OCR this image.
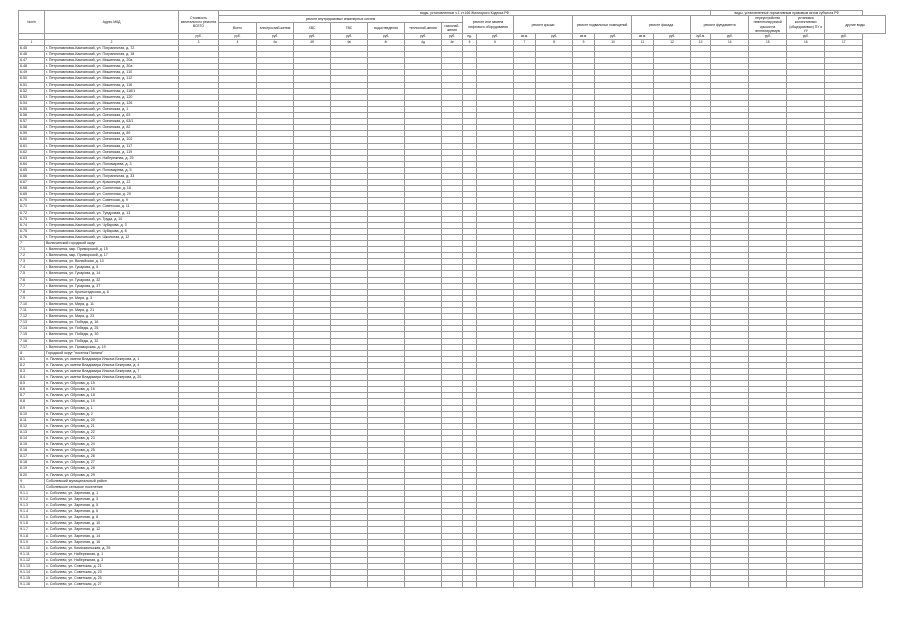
№п/п	Адрес МКД	Стоимость капитального ремонта ВСЕГО	виды, установленные ч.1 ст.166 Жилищного Кодекса РФ																виды, установленные нормативным правовым актом субъекта РФ			
			ремонт внутридомовых инженерных систем							ремонт или замена лифтового оборудования		ремонт крыши		ремонт подвальных помещений		ремонт фасада		ремонт фундамента		переустройство невентилируемой крыши на вентилируемую	установка коллективных (общедомовых) ПУ и УУ	другие виды
			Всего	электроснаб-жения	ХВС	ГВС	водоотведения	теплоснаб-жения	газоснаб-жения													
		руб.	руб.	руб.	руб.	руб.	руб.	руб.	руб.	ед.	руб.	кв.м.	руб.	кв.м.	руб.	кв.м.	руб.	куб.м.	руб.	руб.	руб.	руб.
1	2	3	4	4а	4б	4в	4г	4д	4е	5	6	7	8	9	10	11	12	13	14	15	16	17
6.45	г. Петропавловск-Камчатский, ул. Пограничная, д. 72																					
6.46	г. Петропавловск-Камчатский, ул. Пограничная, д. 18																					
6.47	г. Петропавловск-Камчатский, ул. Мишенная, д. 20а																					
6.48	г. Петропавловск-Камчатский, ул. Мишенная, д. 30а																					
6.49	г. Петропавловск-Камчатский, ул. Мишенная, д. 110																					
6.50	г. Петропавловск-Камчатский, ул. Мишенная, д. 112																					
6.51	г. Петропавловск-Камчатский, ул. Мишенная, д. 116																					
6.52	г. Петропавловск-Камчатский, ул. Мишенная, д. 116/1																					
6.53	г. Петропавловск-Камчатский, ул. Мишенная, д. 120																					
6.54	г. Петропавловск-Камчатский, ул. Мишенная, д. 126																					
6.55	г. Петропавловск-Камчатский, ул. Океанская, д. 1																					
6.56	г. Петропавловск-Камчатский, ул. Океанская, д. 63																					
6.57	г. Петропавловск-Камчатский, ул. Океанская, д. 63/1																					
6.58	г. Петропавловск-Камчатский, ул. Океанская, д. 82																					
6.59	г. Петропавловск-Камчатский, ул. Океанская, д. 89																					
6.60	г. Петропавловск-Камчатский, ул. Океанская, д. 102																					
6.61	г. Петропавловск-Камчатский, ул. Океанская, д. 117																					
6.62	г. Петропавловск-Камчатский, ул. Океанская, д. 119																					
6.63	г. Петропавловск-Камчатский, ул. Набережная, д. 25																					
6.64	г. Петропавловск-Камчатский, ул. Пономарева, д. 3																					
6.65	г. Петропавловск-Камчатский, ул. Пономарева, д. 5																					
6.66	г. Петропавловск-Камчатский, ул. Пограничная, д. 33																					
6.67	г. Петропавловск-Камчатский, ул. Красинцев, д. 12																					
6.68	г. Петропавловск-Камчатский, ул. Солнечная, д. 18																					
6.69	г. Петропавловск-Камчатский, ул. Солнечная, д. 20																					
6.70	г. Петропавловск-Камчатский, ул. Советская, д. 9																					
6.71	г. Петропавловск-Камчатский, ул. Советская, д. 11																					
6.72	г. Петропавловск-Камчатский, ул. Тундровая, д. 13																					
6.73	г. Петропавловск-Камчатский, ул. Труда, д. 10																					
6.74	г. Петропавловск-Камчатский, ул. Чубарова, д. 3																					
6.75	г. Петропавловск-Камчатский, ул. Чубарова, д. 8																					
6.76	г. Петропавловск-Камчатский, ул. Школьная, д. 12																					
7	Вилючинский городской округ																					
7.1	г. Вилючинск, мкр. Приморский, д. 15																					
7.2	г. Вилючинск, мкр. Приморский, д. 17																					
7.3	г. Вилючинск, ул. Вилюйская, д. 10																					
7.4	г. Вилючинск, ул. Гусарова, д. 5																					
7.5	г. Вилючинск, ул. Гусарова, д. 14																					
7.6	г. Вилючинск, ул. Гусарова, д. 32																					
7.7	г. Вилючинск, ул. Гусарова, д. 37																					
7.8	г. Вилючинск, ул. Кронштадтская, д. 8																					
7.9	г. Вилючинск, ул. Мира, д. 3																					
7.10	г. Вилючинск, ул. Мира, д. 11																					
7.11	г. Вилючинск, ул. Мира, д. 21																					
7.12	г. Вилючинск, ул. Мира, д. 23																					
7.13	г. Вилючинск, ул. Победы, д. 16																					
7.14	г. Вилючинск, ул. Победы, д. 25																					
7.15	г. Вилючинск, ул. Победы, д. 30																					
7.16	г. Вилючинск, ул. Победы, д. 32																					
7.17	г. Вилючинск, ул. Приморская, д. 19																					
8	Городской округ "поселок Палана"																					
8.1	п. Палана, ул. имени Владимира Ильича Бекерова, д. 1																					
8.2	п. Палана, ул. имени Владимира Ильича Бекерова, д. 4																					
8.3	п. Палана, ул. имени Владимира Ильича Бекерова, д. 7																					
8.4	п. Палана, ул. имени Владимира Ильича Бекерова, д. 20																					
8.5	п. Палана, ул. Обухова, д. 15																					
8.6	п. Палана, ул. Обухова, д. 16																					
8.7	п. Палана, ул. Обухова, д. 18																					
8.8	п. Палана, ул. Обухова, д. 19																					
8.9	п. Палана, ул. Обухова, д. 1																					
8.10	п. Палана, ул. Обухова, д. 2																					
8.11	п. Палана, ул. Обухова, д. 20																					
8.12	п. Палана, ул. Обухова, д. 21																					
8.13	п. Палана, ул. Обухова, д. 22																					
8.14	п. Палана, ул. Обухова, д. 23																					
8.15	п. Палана, ул. Обухова, д. 24																					
8.16	п. Палана, ул. Обухова, д. 25																					
8.17	п. Палана, ул. Обухова, д. 26																					
8.18	п. Палана, ул. Обухова, д. 27																					
8.19	п. Палана, ул. Обухова, д. 28																					
8.20	п. Палана, ул. Обухова, д. 29																					
9	Соболевский муниципальный район																					
9.1	Соболевское сельское поселение																					
9.1.1	с. Соболево, ул. Заречная, д. 1																					
9.1.2	с. Соболево, ул. Заречная, д. 3																					
9.1.3	с. Соболево, ул. Заречная, д. 5																					
9.1.4	с. Соболево, ул. Заречная, д. 6																					
9.1.5	с. Соболево, ул. Заречная, д. 8																					
9.1.6	с. Соболево, ул. Заречная, д. 10																					
9.1.7	с. Соболево, ул. Заречная, д. 12																					
9.1.8	с. Соболево, ул. Заречная, д. 14																					
9.1.9	с. Соболево, ул. Заречная, д. 16																					
9.1.10	с. Соболево, ул. Комсомольская, д. 25																					
9.1.11	с. Соболево, ул. Набережная, д. 1																					
9.1.12	с. Соболево, ул. Набережная, д. 3																					
9.1.13	с. Соболево, ул. Советская, д. 21																					
9.1.14	с. Соболево, ул. Советская, д. 23																					
9.1.15	с. Соболево, ул. Советская, д. 25																					
9.1.16	с. Соболево, ул. Советская, д. 27																					
